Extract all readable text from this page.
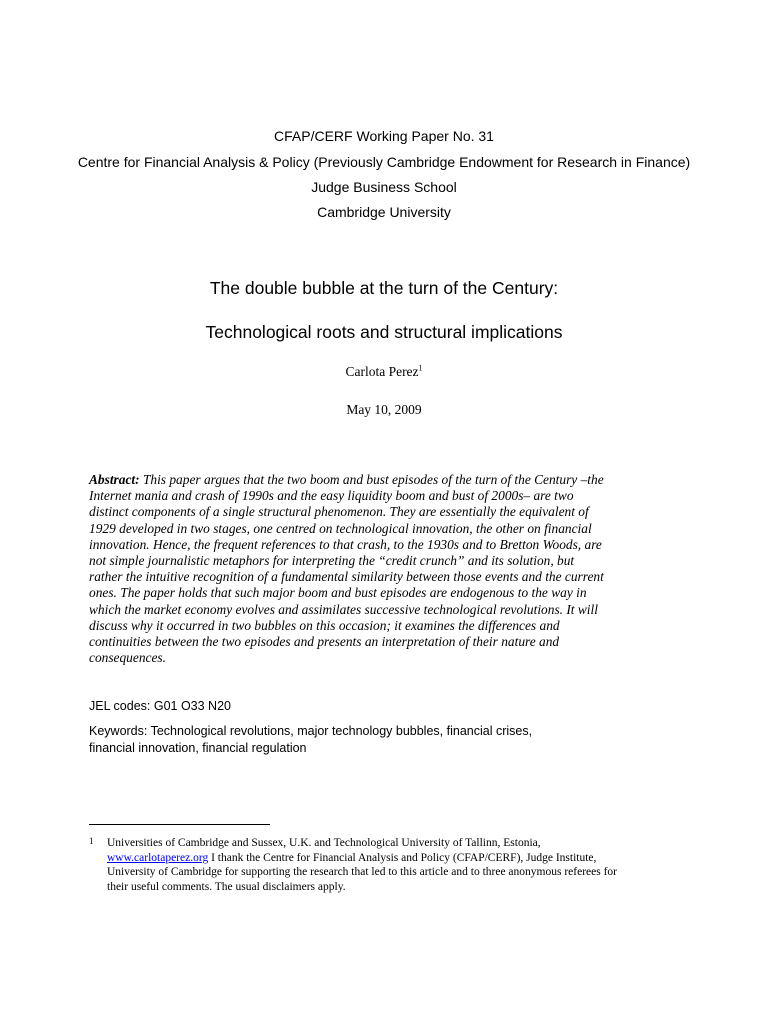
CFAP/CERF Working Paper No. 31
Centre for Financial Analysis & Policy (Previously Cambridge Endowment for Research in Finance)
Judge Business School
Cambridge University
The double bubble at the turn of the Century:
Technological roots and structural implications
Carlota Perez$^1$
May 10, 2009
Abstract: This paper argues that the two boom and bust episodes of the turn of the Century –the
Internet mania and crash of 1990s and the easy liquidity boom and bust of 2000s– are two
distinct components of a single structural phenomenon. They are essentially the equivalent of
1929 developed in two stages, one centred on technological innovation, the other on financial
innovation. Hence, the frequent references to that crash, to the 1930s and to Bretton Woods, are
not simple journalistic metaphors for interpreting the “credit crunch” and its solution, but
rather the intuitive recognition of a fundamental similarity between those events and the current
ones. The paper holds that such major boom and bust episodes are endogenous to the way in
which the market economy evolves and assimilates successive technological revolutions. It will
discuss why it occurred in two bubbles on this occasion; it examines the differences and
continuities between the two episodes and presents an interpretation of their nature and
consequences.
JEL codes: G01 O33 N20
Keywords: Technological revolutions, major technology bubbles, financial crises,
financial innovation, financial regulation
1 Universities of Cambridge and Sussex, U.K. and Technological University of Tallinn, Estonia,
www.carlotaperez.org I thank the Centre for Financial Analysis and Policy (CFAP/CERF), Judge Institute,
University of Cambridge for supporting the research that led to this article and to three anonymous referees for
their useful comments. The usual disclaimers apply.
